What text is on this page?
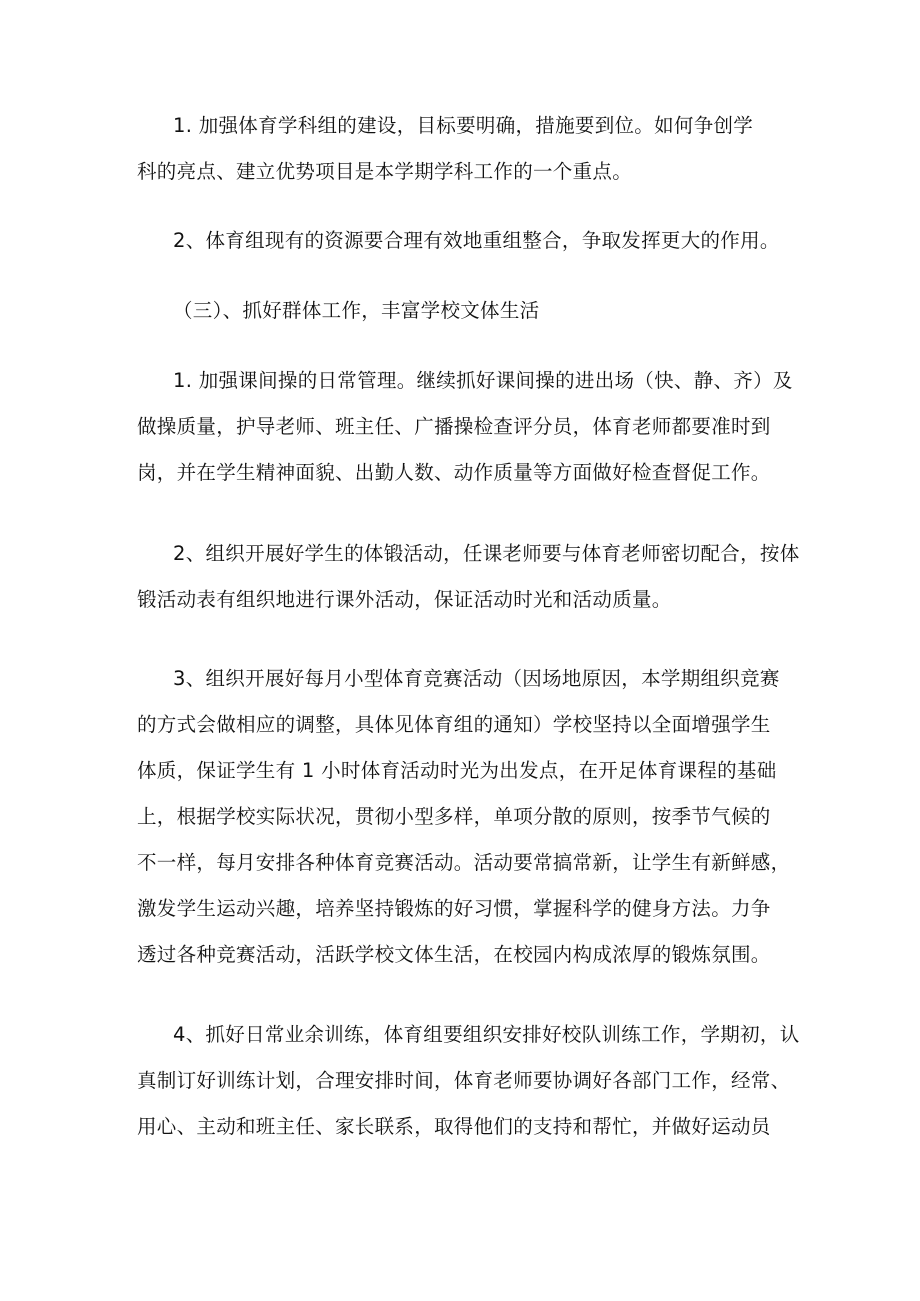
1. 加强体育学科组的建设，目标要明确，措施要到位。如何争创学
科的亮点、建立优势项目是本学期学科工作的一个重点。

2、体育组现有的资源要合理有效地重组整合，争取发挥更大的作用。

（三）、抓好群体工作，丰富学校文体生活

1. 加强课间操的日常管理。继续抓好课间操的进出场（快、静、齐）及
做操质量，护导老师、班主任、广播操检查评分员，体育老师都要准时到
岗，并在学生精神面貌、出勤人数、动作质量等方面做好检查督促工作。

2、组织开展好学生的体锻活动，任课老师要与体育老师密切配合，按体
锻活动表有组织地进行课外活动，保证活动时光和活动质量。

3、组织开展好每月小型体育竞赛活动（因场地原因，本学期组织竞赛
的方式会做相应的调整，具体见体育组的通知）学校坚持以全面增强学生
体质，保证学生有 1 小时体育活动时光为出发点，在开足体育课程的基础
上，根据学校实际状况，贯彻小型多样，单项分散的原则，按季节气候的
不一样，每月安排各种体育竞赛活动。活动要常搞常新，让学生有新鲜感，
激发学生运动兴趣，培养坚持锻炼的好习惯，掌握科学的健身方法。力争
透过各种竞赛活动，活跃学校文体生活，在校园内构成浓厚的锻炼氛围。

4、抓好日常业余训练，体育组要组织安排好校队训练工作，学期初，认
真制订好训练计划，合理安排时间，体育老师要协调好各部门工作，经常、
用心、主动和班主任、家长联系，取得他们的支持和帮忙，并做好运动员
